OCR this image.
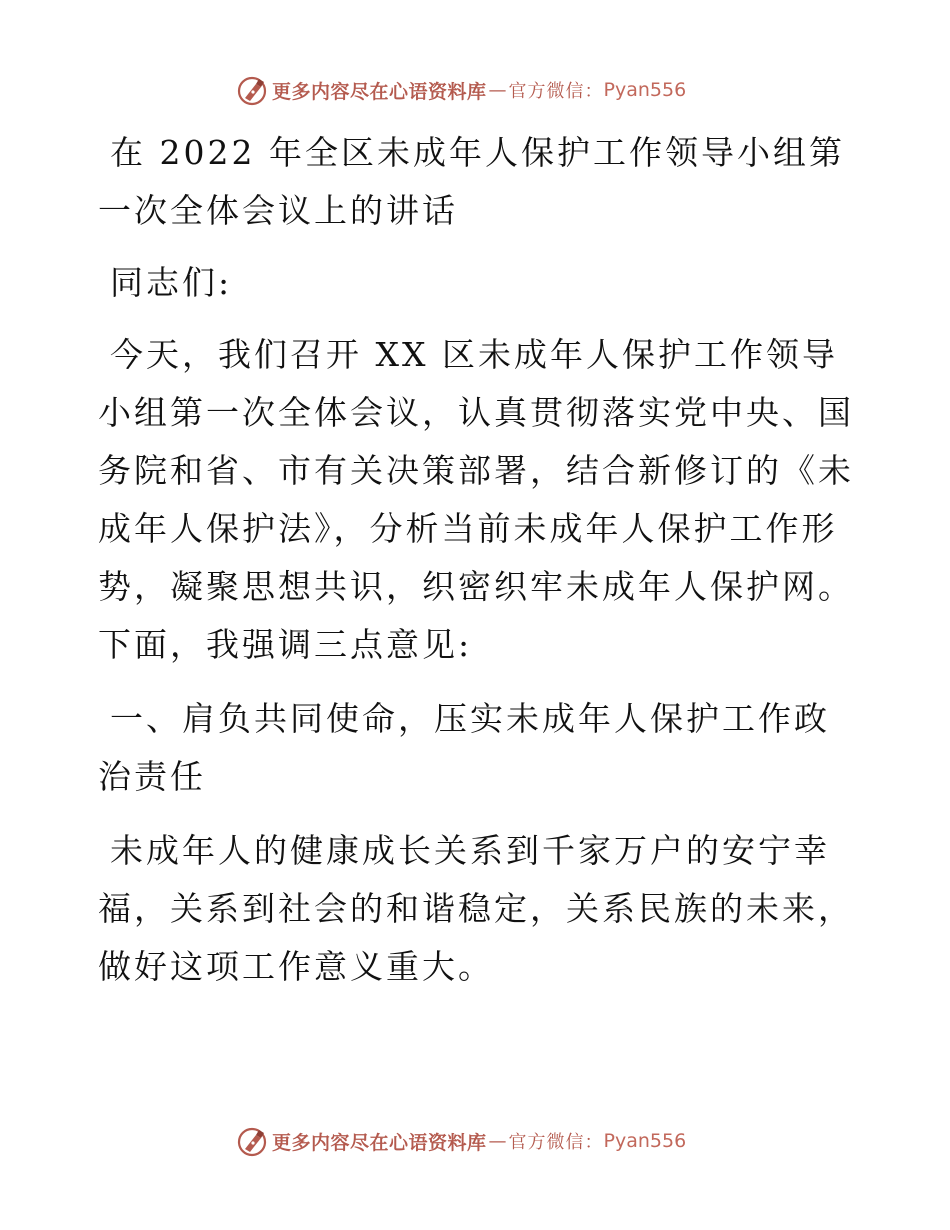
更多内容尽在心语资料库 — 官方微信： Pyan556

在 2022 年全区未成年人保护工作领导小组第一次全体会议上的讲话

同志们:

今天，我们召开 XX 区未成年人保护工作领导小组第一次全体会议，认真贯彻落实党中央、国务院和省、市有关决策部署，结合新修订的《未成年人保护法》，分析当前未成年人保护工作形势，凝聚思想共识，织密织牢未成年人保护网。下面，我强调三点意见:

一、肩负共同使命，压实未成年人保护工作政治责任

未成年人的健康成长关系到千家万户的安宁幸福，关系到社会的和谐稳定，关系民族的未来，做好这项工作意义重大。

更多内容尽在心语资料库 — 官方微信： Pyan556
